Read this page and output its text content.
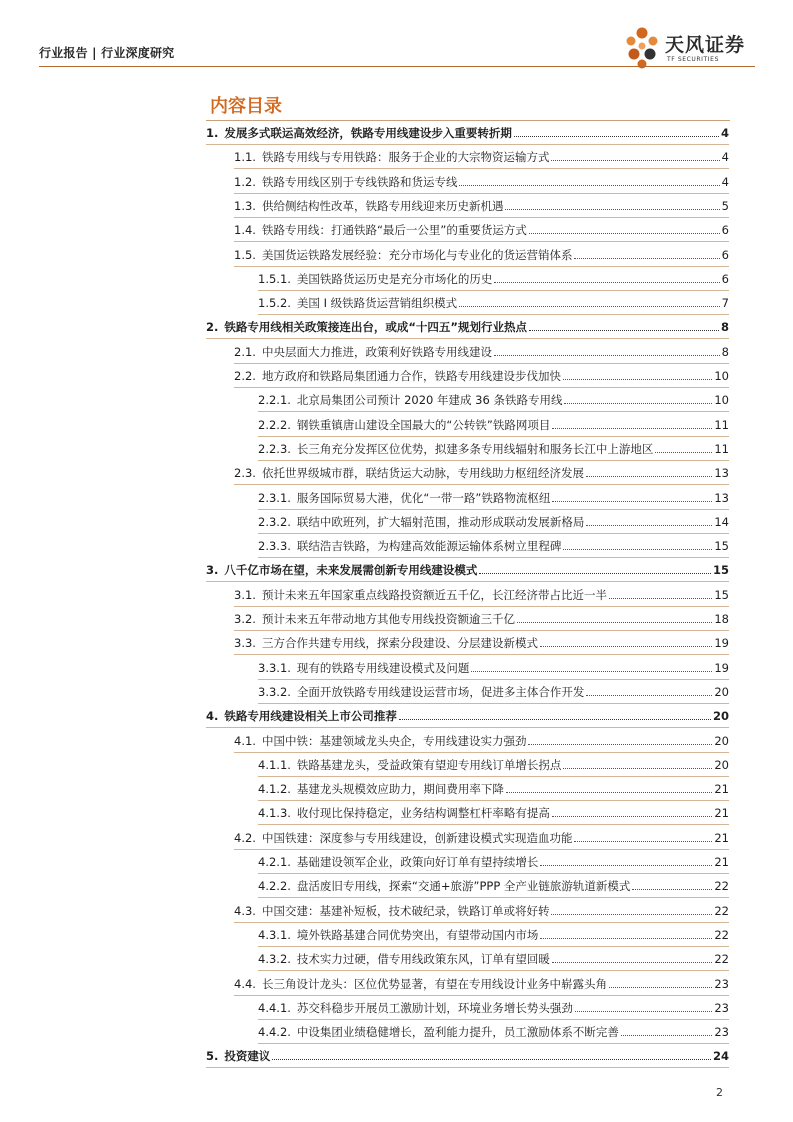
行业报告 | 行业深度研究	天风证券
TF SECURITIES
内容目录
1. 发展多式联运高效经济，铁路专用线建设步入重要转折期	4
1.1. 铁路专用线与专用铁路：服务于企业的大宗物资运输方式	4
1.2. 铁路专用线区别于专线铁路和货运专线	4
1.3. 供给侧结构性改革，铁路专用线迎来历史新机遇	5
1.4. 铁路专用线：打通铁路“最后一公里”的重要货运方式	6
1.5. 美国货运铁路发展经验：充分市场化与专业化的货运营销体系	6
1.5.1. 美国铁路货运历史是充分市场化的历史	6
1.5.2. 美国 I 级铁路货运营销组织模式	7
2. 铁路专用线相关政策接连出台，或成“十四五”规划行业热点	8
2.1. 中央层面大力推进，政策利好铁路专用线建设	8
2.2. 地方政府和铁路局集团通力合作，铁路专用线建设步伐加快	10
2.2.1. 北京局集团公司预计 2020 年建成 36 条铁路专用线	10
2.2.2. 钢铁重镇唐山建设全国最大的“公转铁”铁路网项目	11
2.2.3. 长三角充分发挥区位优势，拟建多条专用线辐射和服务长江中上游地区	11
2.3. 依托世界级城市群，联结货运大动脉，专用线助力枢纽经济发展	13
2.3.1. 服务国际贸易大港，优化“一带一路”铁路物流枢纽	13
2.3.2. 联结中欧班列，扩大辐射范围，推动形成联动发展新格局	14
2.3.3. 联结浩吉铁路，为构建高效能源运输体系树立里程碑	15
3. 八千亿市场在望，未来发展需创新专用线建设模式	15
3.1. 预计未来五年国家重点线路投资额近五千亿，长江经济带占比近一半	15
3.2. 预计未来五年带动地方其他专用线投资额逾三千亿	18
3.3. 三方合作共建专用线，探索分段建设、分层建设新模式	19
3.3.1. 现有的铁路专用线建设模式及问题	19
3.3.2. 全面开放铁路专用线建设运营市场，促进多主体合作开发	20
4. 铁路专用线建设相关上市公司推荐	20
4.1. 中国中铁：基建领域龙头央企，专用线建设实力强劲	20
4.1.1. 铁路基建龙头，受益政策有望迎专用线订单增长拐点	20
4.1.2. 基建龙头规模效应助力，期间费用率下降	21
4.1.3. 收付现比保持稳定，业务结构调整杠杆率略有提高	21
4.2. 中国铁建：深度参与专用线建设，创新建设模式实现造血功能	21
4.2.1. 基础建设领军企业，政策向好订单有望持续增长	21
4.2.2. 盘活废旧专用线，探索“交通+旅游”PPP 全产业链旅游轨道新模式	22
4.3. 中国交建：基建补短板，技术破纪录，铁路订单或将好转	22
4.3.1. 境外铁路基建合同优势突出，有望带动国内市场	22
4.3.2. 技术实力过硬，借专用线政策东风，订单有望回暖	22
4.4. 长三角设计龙头：区位优势显著，有望在专用线设计业务中崭露头角	23
4.4.1. 苏交科稳步开展员工激励计划，环境业务增长势头强劲	23
4.4.2. 中设集团业绩稳健增长，盈利能力提升，员工激励体系不断完善	23
5. 投资建议	24
2
